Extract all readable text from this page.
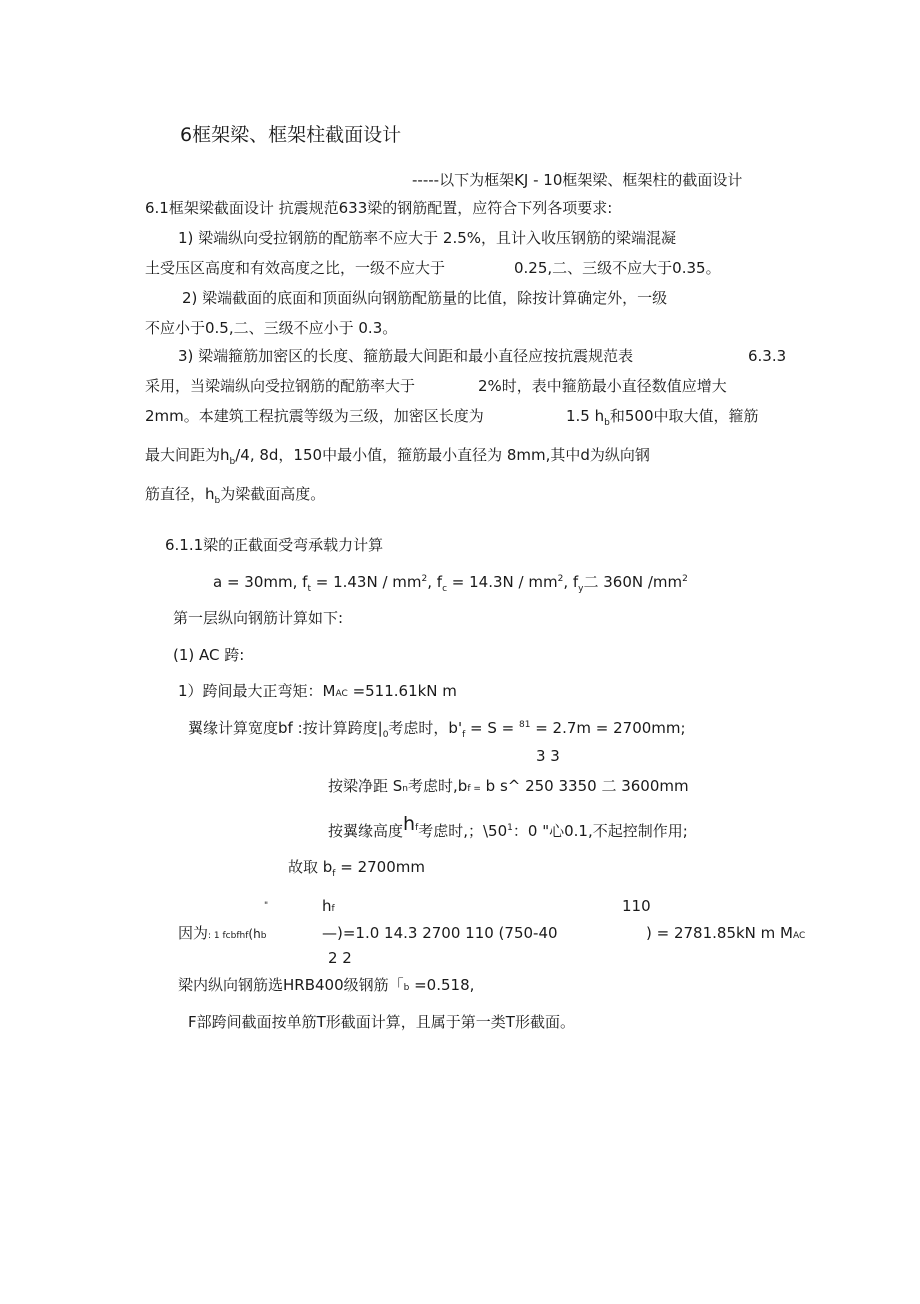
6框架梁、框架柱截面设计
-----以下为框架KJ - 10框架梁、框架柱的截面设计
6.1框架梁截面设计 抗震规范633梁的钢筋配置，应符合下列各项要求:
1) 梁端纵向受拉钢筋的配筋率不应大于 2.5%，且计入收压钢筋的梁端混凝
土受压区高度和有效高度之比，一级不应大于	0.25,二、三级不应大于0.35。
2) 梁端截面的底面和顶面纵向钢筋配筋量的比值，除按计算确定外，一级
不应小于0.5,二、三级不应小于 0.3。
3) 梁端箍筋加密区的长度、箍筋最大间距和最小直径应按抗震规范表	6.3.3
采用，当梁端纵向受拉钢筋的配筋率大于	2%时，表中箍筋最小直径数值应增大
2mm。本建筑工程抗震等级为三级，加密区长度为	1.5 $h_b$和500中取大值，箍筋
最大间距为$h_b/4$, 8d，150中最小值，箍筋最小直径为 8mm,其中d为纵向钢
筋直径，$h_b$为梁截面高度。
6.1.1梁的正截面受弯承载力计算
a = 30mm, $f_t = 1.43N / mm^2$, $f_c = 14.3N / mm^2$, $f_y$二 360N $/mm^2$
第一层纵向钢筋计算如下:
(1) AC 跨:
1）跨间最大正弯矩：MAC =511.61kN m
翼缘计算宽度bf :按计算跨度$|_0$考虑时，$b'_f = S = ^{81} = 2.7m = 2700mm$;
3 3
按梁净距 Sn考虑时,bf = b s^ 250 3350 二 3600mm
按翼缘高度$h^f$考虑时,；$\backslash 50^1$：0 "心0.1,不起控制作用;
故取 $b_f = 2700mm$
"	hf	110
因为: 1 fcbfhf(hb	—)=1.0 14.3 2700 110 (750-40	) = 2781.85kN m MAC
2 2
梁内纵向钢筋选HRB400级钢筋「b =0.518,
F部跨间截面按单筋T形截面计算，且属于第一类T形截面。
